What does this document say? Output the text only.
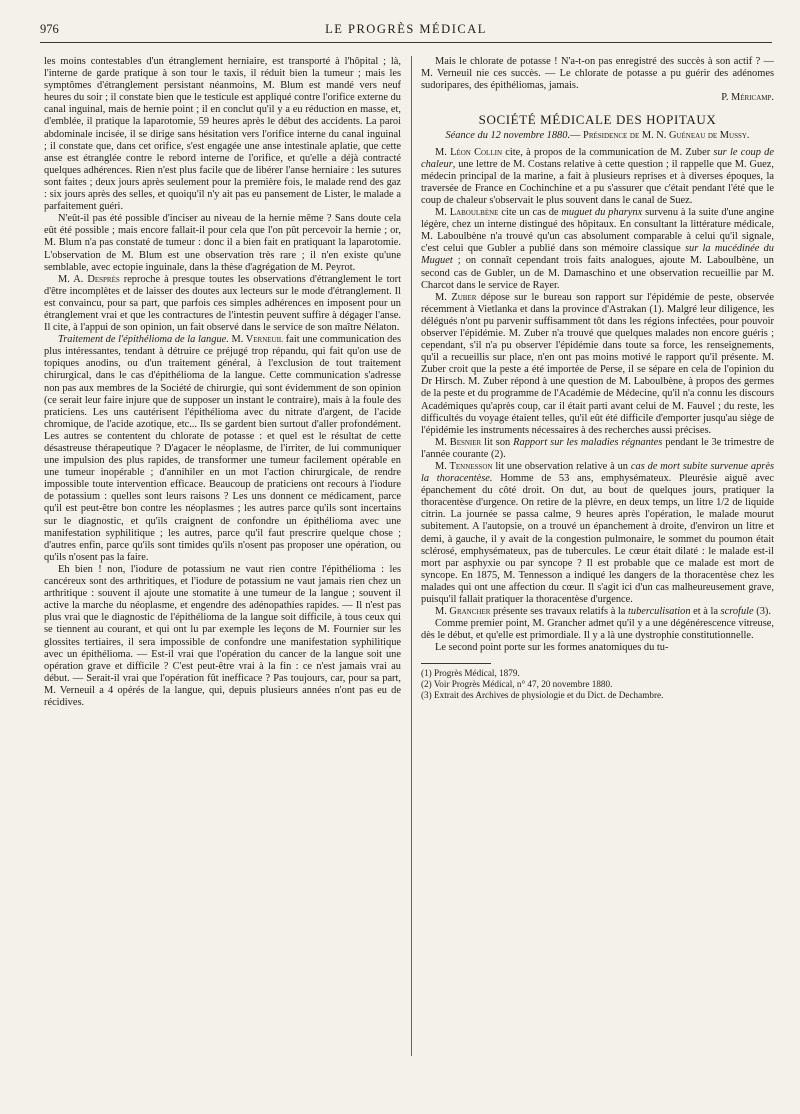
976	LE PROGRÈS MÉDICAL

les moins contestables d'un étranglement herniaire, est transporté à l'hôpital ; là, l'interne de garde pratique à son tour le taxis, il réduit bien la tumeur ; mais les symptômes d'étranglement persistant néanmoins, M. Blum est mandé vers neuf heures du soir ; il constate bien que le testicule est appliqué contre l'orifice externe du canal inguinal, mais de hernie point ; il en conclut qu'il y a eu réduction en masse, et, d'emblée, il pratique la laparotomie, 59 heures après le début des accidents. La paroi abdominale incisée, il se dirige sans hésitation vers l'orifice interne du canal inguinal ; il constate que, dans cet orifice, s'est engagée une anse intestinale aplatie, que cette anse est étranglée contre le rebord interne de l'orifice, et qu'elle a déjà contracté quelques adhérences. Rien n'est plus facile que de libérer l'anse herniaire : les sutures sont faites ; deux jours après seulement pour la première fois, le malade rend des gaz : six jours après des selles, et quoiqu'il n'y ait pas eu pansement de Lister, le malade a parfaitement guéri.

N'eût-il pas été possible d'inciser au niveau de la hernie même ? Sans doute cela eût été possible ; mais encore fallait-il pour cela que l'on pût percevoir la hernie ; or, M. Blum n'a pas constaté de tumeur : donc il a bien fait en pratiquant la laparotomie. L'observation de M. Blum est une observation très rare ; il n'en existe qu'une semblable, avec ectopie inguinale, dans la thèse d'agrégation de M. Peyrot.

M. A. Desprès reproche à presque toutes les observations d'étranglement le tort d'être incomplètes et de laisser des doutes aux lecteurs sur le mode d'étranglement. Il est convaincu, pour sa part, que parfois ces simples adhérences en imposent pour un étranglement vrai et que les contractures de l'intestin peuvent suffire à dégager l'anse. Il cite, à l'appui de son opinion, un fait observé dans le service de son maître Nélaton.

Traitement de l'épithélioma de la langue. M. Verneuil fait une communication des plus intéressantes, tendant à détruire ce préjugé trop répandu, qui fait qu'on use de topiques anodins, ou d'un traitement général, à l'exclusion de tout traitement chirurgical, dans le cas d'épithélioma de la langue. Cette communication s'adresse non pas aux membres de la Société de chirurgie, qui sont évidemment de son opinion (ce serait leur faire injure que de supposer un instant le contraire), mais à la foule des praticiens. Les uns cautérisent l'épithélioma avec du nitrate d'argent, de l'acide chromique, de l'acide azotique, etc... Ils se gardent bien surtout d'aller profondément. Les autres se contentent du chlorate de potasse : et quel est le résultat de cette désastreuse thérapeutique ? D'agacer le néoplasme, de l'irriter, de lui communiquer une impulsion des plus rapides, de transformer une tumeur facilement opérable en une tumeur inopérable ; d'annihiler en un mot l'action chirurgicale, de rendre impossible toute intervention efficace. Beaucoup de praticiens ont recours à l'iodure de potassium : quelles sont leurs raisons ? Les uns donnent ce médicament, parce qu'il est peut-être bon contre les néoplasmes ; les autres parce qu'ils sont incertains sur le diagnostic, et qu'ils craignent de confondre un épithélioma avec une manifestation syphilitique ; les autres, parce qu'il faut prescrire quelque chose ; d'autres enfin, parce qu'ils sont timides qu'ils n'osent pas proposer une opération, ou qu'ils n'osent pas la faire.

Eh bien ! non, l'iodure de potassium ne vaut rien contre l'épithélioma : les cancéreux sont des arthritiques, et l'iodure de potassium ne vaut jamais rien chez un arthritique : souvent il ajoute une stomatite à une tumeur de la langue ; souvent il active la marche du néoplasme, et engendre des adénopathies rapides. — Il n'est pas plus vrai que le diagnostic de l'épithélioma de la langue soit difficile, à tous ceux qui se tiennent au courant, et qui ont lu par exemple les leçons de M. Fournier sur les glossites tertiaires, il sera impossible de confondre une manifestation syphilitique avec un épithélioma. — Est-il vrai que l'opération du cancer de la langue soit une opération grave et difficile ? C'est peut-être vrai à la fin : ce n'est jamais vrai au début. — Serait-il vrai que l'opération fût inefficace ? Pas toujours, car, pour sa part, M. Verneuil a 4 opérés de la langue, qui, depuis plusieurs années n'ont pas eu de récidives.

Mais le chlorate de potasse ! N'a-t-on pas enregistré des succès à son actif ? — M. Verneuil nie ces succès. — Le chlorate de potasse a pu guérir des adénomes sudoripares, des épithéliomas, jamais.

P. Méricamp.

SOCIÉTÉ MÉDICALE DES HOPITAUX

Séance du 12 novembre 1880.— Présidence de M. N. Guéneau de Mussy.

M. Léon Collin cite, à propos de la communication de M. Zuber sur le coup de chaleur, une lettre de M. Costans relative à cette question ; il rappelle que M. Guez, médecin principal de la marine, a fait à plusieurs reprises et à diverses époques, la traversée de France en Cochinchine et a pu s'assurer que c'était pendant l'été que le coup de chaleur s'observait le plus souvent dans le canal de Suez.

M. Laboulbène cite un cas de muguet du pharynx survenu à la suite d'une angine légère, chez un interne distingué des hôpitaux. En consultant la littérature médicale, M. Laboulbène n'a trouvé qu'un cas absolument comparable à celui qu'il signale, c'est celui que Gubler a publié dans son mémoire classique sur la mucédinée du Muguet ; on connaît cependant trois faits analogues, ajoute M. Laboulbène, un second cas de Gubler, un de M. Damaschino et une observation recueillie par M. Charcot dans le service de Rayer.

M. Zuber dépose sur le bureau son rapport sur l'épidémie de peste, observée récemment à Vietlanka et dans la province d'Astrakan (1). Malgré leur diligence, les délégués n'ont pu parvenir suffisamment tôt dans les régions infectées, pour pouvoir observer l'épidémie. M. Zuber n'a trouvé que quelques malades non encore guéris ; cependant, s'il n'a pu observer l'épidémie dans toute sa force, les renseignements, qu'il a recueillis sur place, n'en ont pas moins motivé le rapport qu'il présente. M. Zuber croit que la peste a été importée de Perse, il se sépare en cela de l'opinion du Dr Hirsch. M. Zuber répond à une question de M. Laboulbène, à propos des germes de la peste et du programme de l'Académie de Médecine, qu'il n'a connu les discours Académiques qu'après coup, car il était parti avant celui de M. Fauvel ; du reste, les difficultés du voyage étaient telles, qu'il eût été difficile d'emporter jusqu'au siège de l'épidémie les instruments nécessaires à des recherches aussi précises.

M. Besnier lit son Rapport sur les maladies régnantes pendant le 3e trimestre de l'année courante (2).

M. Tennesson lit une observation relative à un cas de mort subite survenue après la thoracentèse. Homme de 53 ans, emphysémateux. Pleurésie aiguë avec épanchement du côté droit. On dut, au bout de quelques jours, pratiquer la thoracentèse d'urgence. On retire de la plèvre, en deux temps, un litre 1/2 de liquide citrin. La journée se passa calme, 9 heures après l'opération, le malade mourut subitement. A l'autopsie, on a trouvé un épanchement à droite, d'environ un litre et demi, à gauche, il y avait de la congestion pulmonaire, le sommet du poumon était sclérosé, emphysémateux, pas de tubercules. Le cœur était dilaté : le malade est-il mort par asphyxie ou par syncope ? Il est probable que ce malade est mort de syncope. En 1875, M. Tennesson a indiqué les dangers de la thoracentèse chez les malades qui ont une affection du cœur. Il s'agit ici d'un cas malheureusement grave, puisqu'il fallait pratiquer la thoracentèse d'urgence.

M. Grancher présente ses travaux relatifs à la tuberculisation et à la scrofule (3).

Comme premier point, M. Grancher admet qu'il y a une dégénérescence vitreuse, dès le début, et qu'elle est primordiale. Il y a là une dystrophie constitutionnelle.

Le second point porte sur les formes anatomiques du tu-

(1) Progrès Médical, 1879.
(2) Voir Progrès Médical, n° 47, 20 novembre 1880.
(3) Extrait des Archives de physiologie et du Dict. de Dechambre.
